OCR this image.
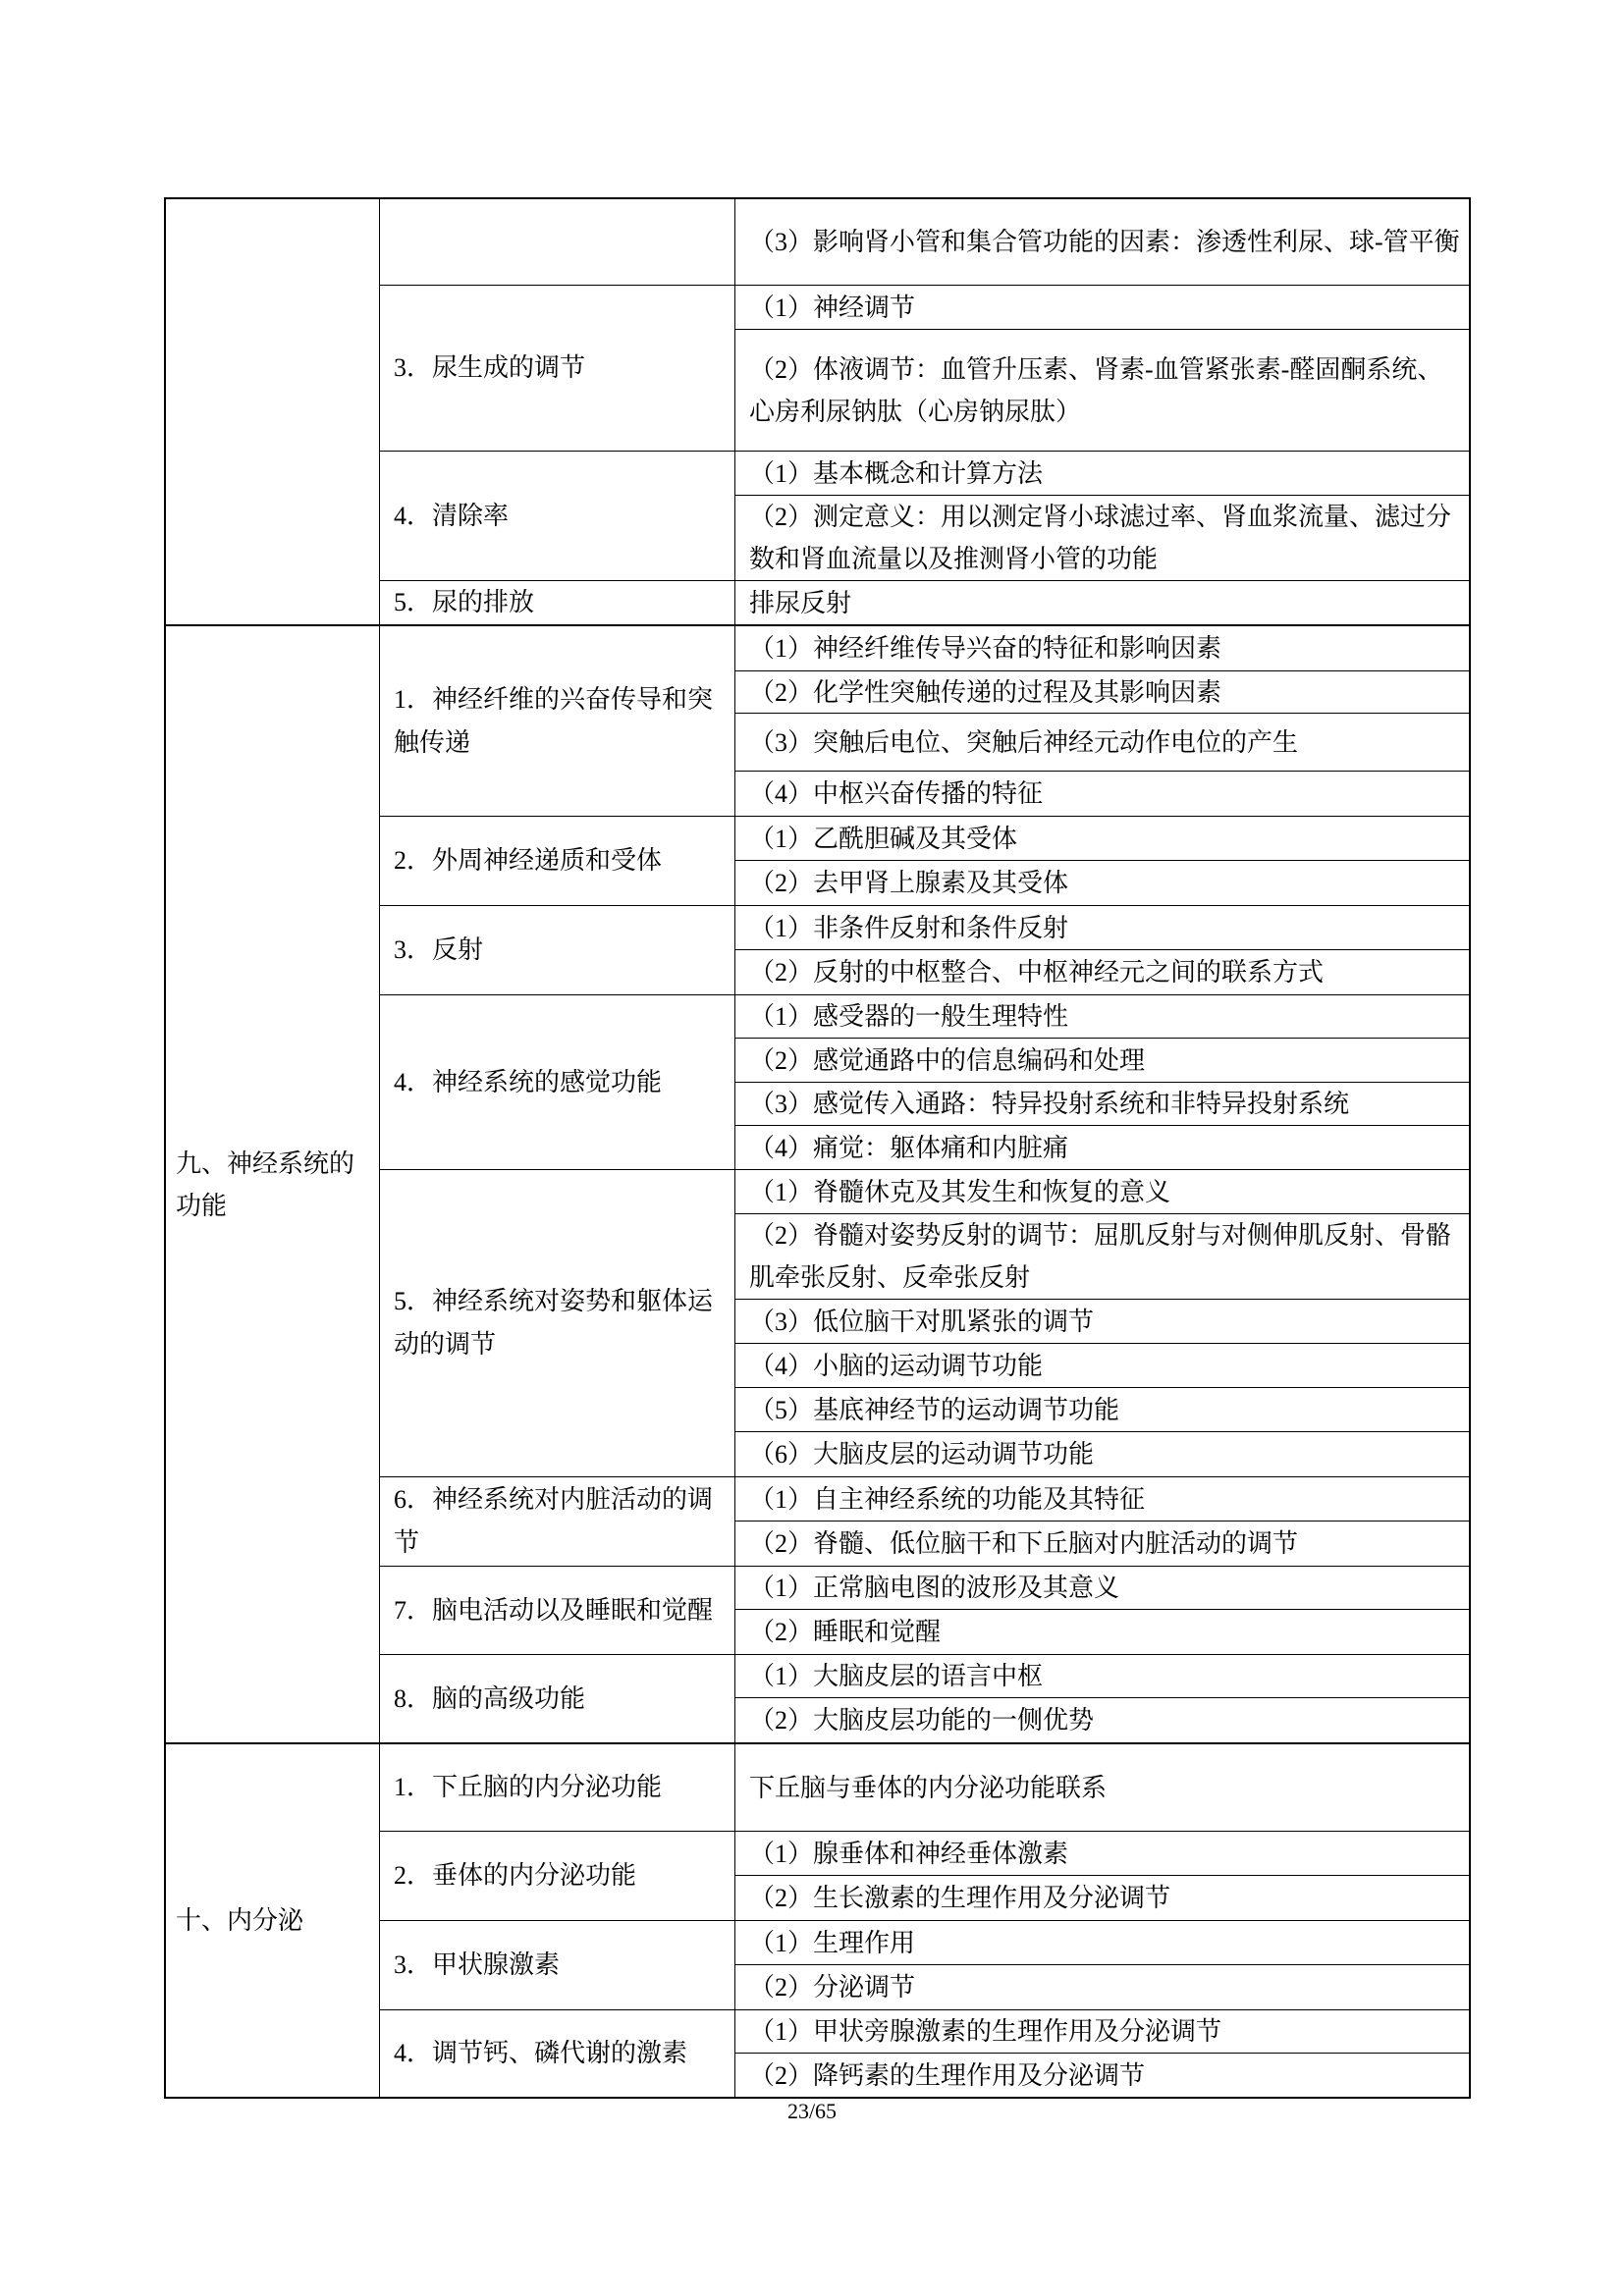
（3）影响肾小管和集合管功能的因素：渗透性利尿、球-管平衡
3．尿生成的调节
（1）神经调节
（2）体液调节：血管升压素、肾素-血管紧张素-醛固酮系统、心房利尿钠肽（心房钠尿肽）
4．清除率
（1）基本概念和计算方法
（2）测定意义：用以测定肾小球滤过率、肾血浆流量、滤过分数和肾血流量以及推测肾小管的功能
5．尿的排放	排尿反射
九、神经系统的功能
1．神经纤维的兴奋传导和突触传递
（1）神经纤维传导兴奋的特征和影响因素
（2）化学性突触传递的过程及其影响因素
（3）突触后电位、突触后神经元动作电位的产生
（4）中枢兴奋传播的特征
2．外周神经递质和受体
（1）乙酰胆碱及其受体
（2）去甲肾上腺素及其受体
3．反射
（1）非条件反射和条件反射
（2）反射的中枢整合、中枢神经元之间的联系方式
4．神经系统的感觉功能
（1）感受器的一般生理特性
（2）感觉通路中的信息编码和处理
（3）感觉传入通路：特异投射系统和非特异投射系统
（4）痛觉：躯体痛和内脏痛
5．神经系统对姿势和躯体运动的调节
（1）脊髓休克及其发生和恢复的意义
（2）脊髓对姿势反射的调节：屈肌反射与对侧伸肌反射、骨骼肌牵张反射、反牵张反射
（3）低位脑干对肌紧张的调节
（4）小脑的运动调节功能
（5）基底神经节的运动调节功能
（6）大脑皮层的运动调节功能
6．神经系统对内脏活动的调节
（1）自主神经系统的功能及其特征
（2）脊髓、低位脑干和下丘脑对内脏活动的调节
7．脑电活动以及睡眠和觉醒
（1）正常脑电图的波形及其意义
（2）睡眠和觉醒
8．脑的高级功能
（1）大脑皮层的语言中枢
（2）大脑皮层功能的一侧优势
十、内分泌
1．下丘脑的内分泌功能	下丘脑与垂体的内分泌功能联系
2．垂体的内分泌功能
（1）腺垂体和神经垂体激素
（2）生长激素的生理作用及分泌调节
3．甲状腺激素
（1）生理作用
（2）分泌调节
4．调节钙、磷代谢的激素
（1）甲状旁腺激素的生理作用及分泌调节
（2）降钙素的生理作用及分泌调节
23/65
